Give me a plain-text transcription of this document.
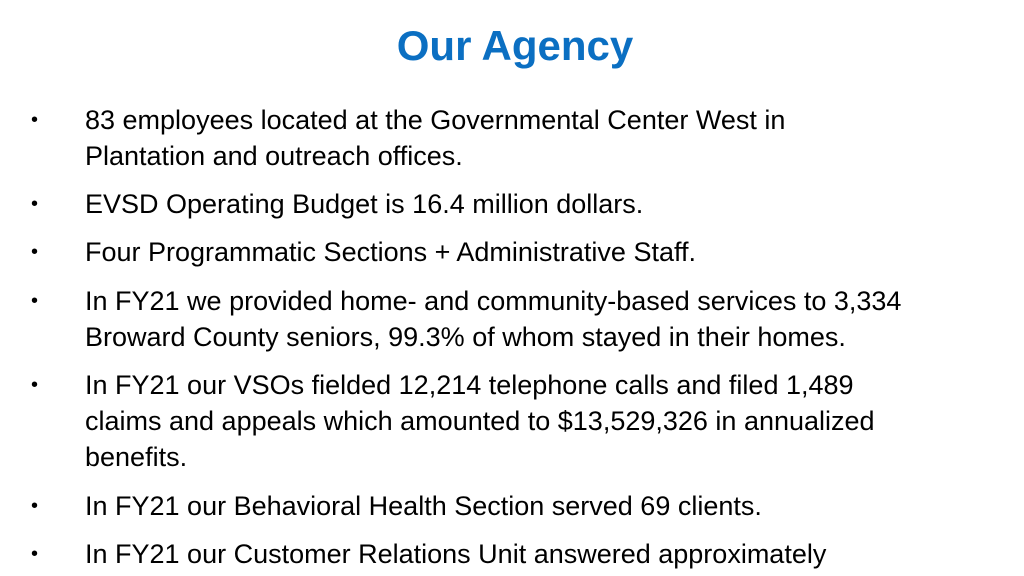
Our Agency
• 83 employees located at the Governmental Center West in
Plantation and outreach offices.
• EVSD Operating Budget is 16.4 million dollars.
• Four Programmatic Sections + Administrative Staff.
• In FY21 we provided home- and community-based services to 3,334
Broward County seniors, 99.3% of whom stayed in their homes.
• In FY21 our VSOs fielded 12,214 telephone calls and filed 1,489
claims and appeals which amounted to $13,529,326 in annualized
benefits.
• In FY21 our Behavioral Health Section served 69 clients.
• In FY21 our Customer Relations Unit answered approximately
